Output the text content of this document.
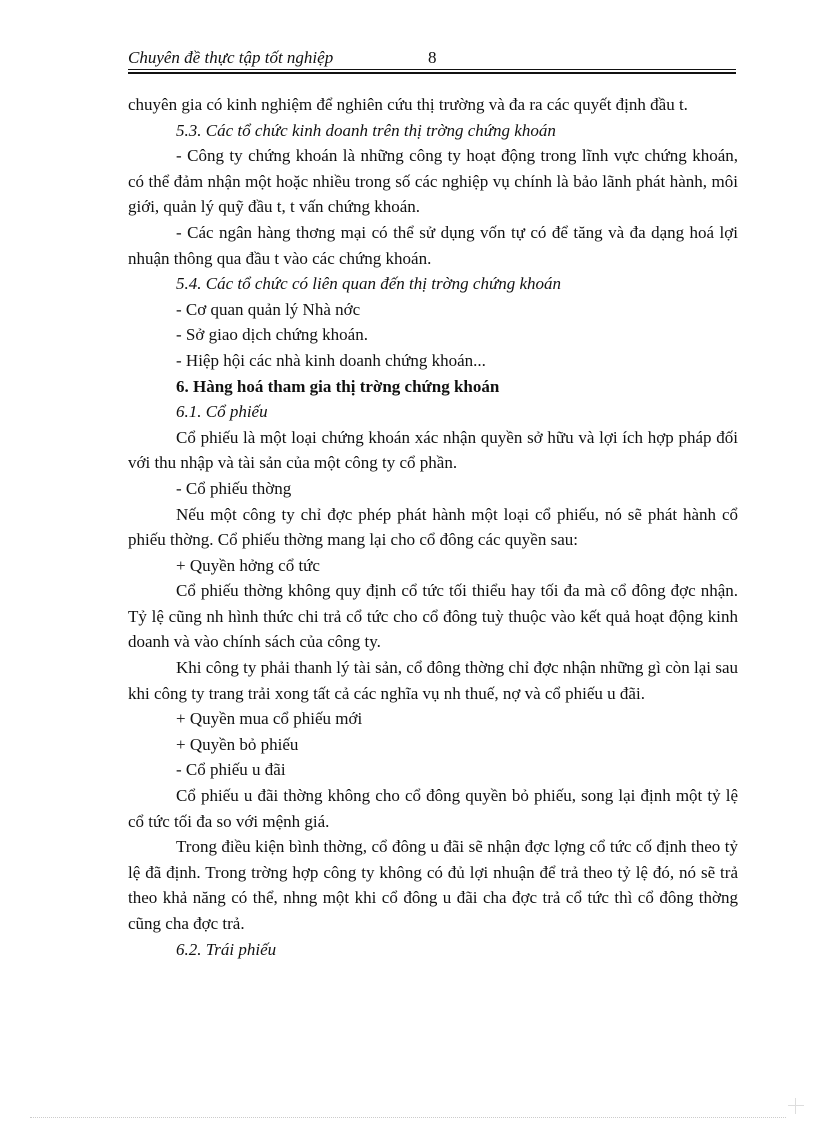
Chuyên đề thực tập tốt nghiệp	8

chuyên gia có kinh nghiệm để nghiên cứu thị trường và đa ra các quyết định đầu t.

5.3. Các tổ chức kinh doanh trên thị trờng chứng khoán

- Công ty chứng khoán là những công ty hoạt động trong lĩnh vực chứng khoán, có thể đảm nhận một hoặc nhiều trong số các nghiệp vụ chính là bảo lãnh phát hành, môi giới, quản lý quỹ đầu t, t vấn chứng khoán.

- Các ngân hàng thơng mại có thể sử dụng vốn tự có để tăng và đa dạng hoá lợi nhuận thông qua đầu t vào các chứng khoán.

5.4. Các tổ chức có liên quan đến thị trờng chứng khoán

- Cơ quan quản lý Nhà nớc

- Sở giao dịch chứng khoán.

- Hiệp hội các nhà kinh doanh chứng khoán...

6. Hàng hoá tham gia thị trờng chứng khoán

6.1. Cổ phiếu

Cổ phiếu là một loại chứng khoán xác nhận quyền sở hữu và lợi ích hợp pháp đối với thu nhập và tài sản của một công ty cổ phần.

- Cổ phiếu thờng

Nếu một công ty chỉ đợc phép phát hành một loại cổ phiếu, nó sẽ phát hành cổ phiếu thờng. Cổ phiếu thờng mang lại cho cổ đông các quyền sau:

+ Quyền hởng cổ tức

Cổ phiếu thờng không quy định cổ tức tối thiểu hay tối đa mà cổ đông đợc nhận. Tỷ lệ cũng nh hình thức chi trả cổ tức cho cổ đông tuỳ thuộc vào kết quả hoạt động kinh doanh và vào chính sách của công ty.

Khi công ty phải thanh lý tài sản, cổ đông thờng chỉ đợc nhận những gì còn lại sau khi công ty trang trải xong tất cả các nghĩa vụ nh thuế, nợ và cổ phiếu u đãi.

+ Quyền mua cổ phiếu mới

+ Quyền bỏ phiếu

- Cổ phiếu u đãi

Cổ phiếu u đãi thờng không cho cổ đông quyền bỏ phiếu, song lại định một tỷ lệ cổ tức tối đa so với mệnh giá.

Trong điều kiện bình thờng, cổ đông u đãi sẽ nhận đợc lợng cổ tức cố định theo tỷ lệ đã định. Trong trờng hợp công ty không có đủ lợi nhuận để trả theo tỷ lệ đó, nó sẽ trả theo khả năng có thể, nhng một khi cổ đông u đãi cha đợc trả cổ tức thì cổ đông thờng cũng cha đợc trả.

6.2. Trái phiếu
